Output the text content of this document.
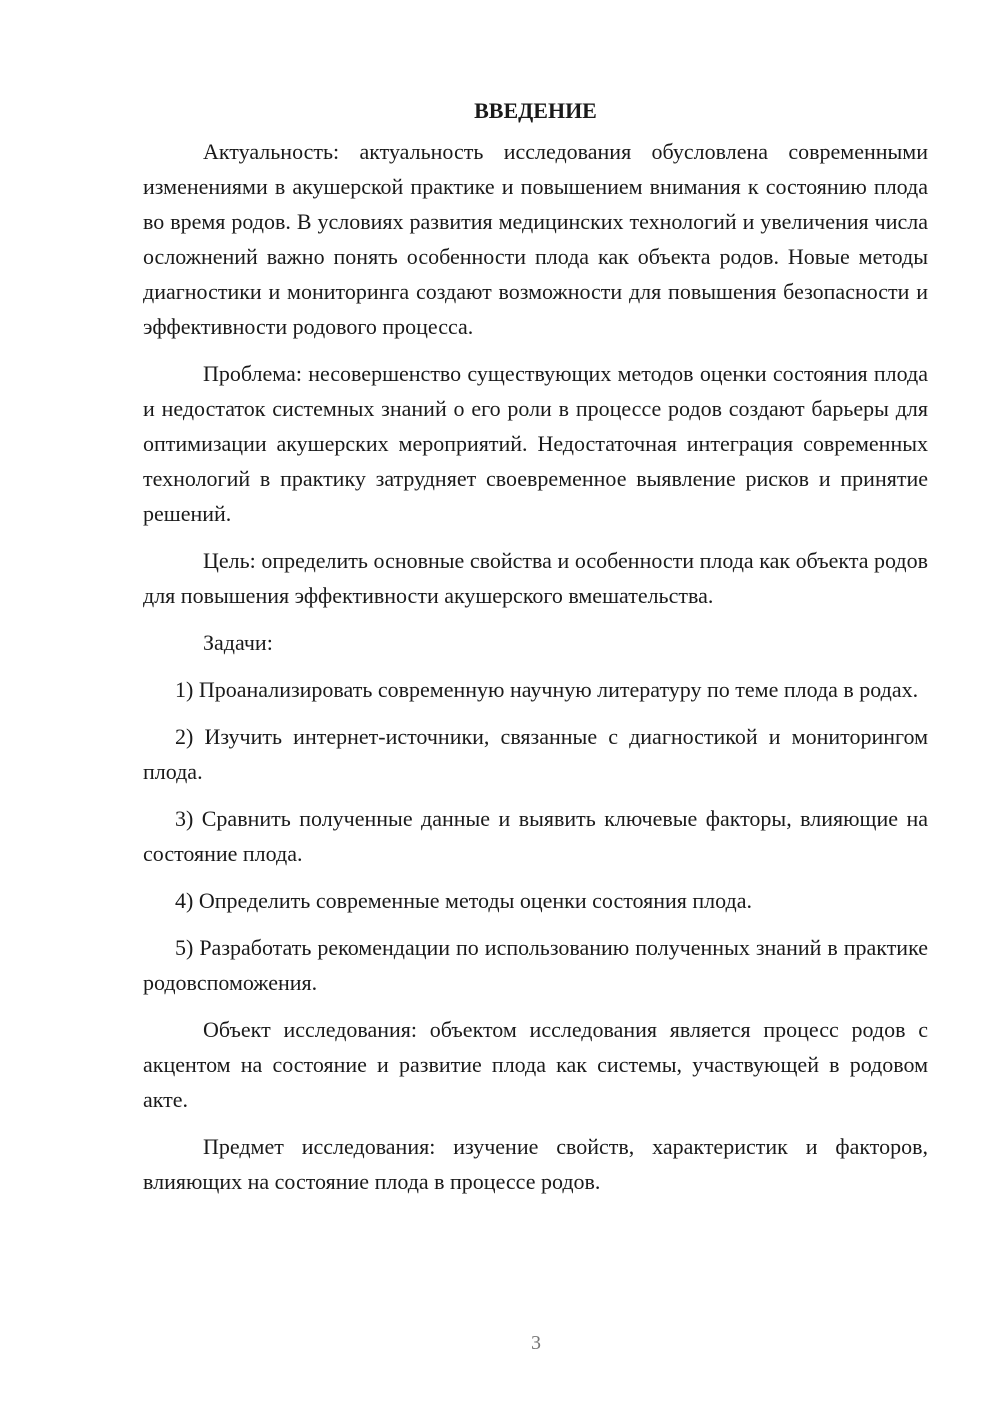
ВВЕДЕНИЕ

Актуальность: актуальность исследования обусловлена современными изменениями в акушерской практике и повышением внимания к состоянию плода во время родов. В условиях развития медицинских технологий и увеличения числа осложнений важно понять особенности плода как объекта родов. Новые методы диагностики и мониторинга создают возможности для повышения безопасности и эффективности родового процесса.

Проблема: несовершенство существующих методов оценки состояния плода и недостаток системных знаний о его роли в процессе родов создают барьеры для оптимизации акушерских мероприятий. Недостаточная интеграция современных технологий в практику затрудняет своевременное выявление рисков и принятие решений.

Цель: определить основные свойства и особенности плода как объекта родов для повышения эффективности акушерского вмешательства.

Задачи:

1) Проанализировать современную научную литературу по теме плода в родах.

2) Изучить интернет-источники, связанные с диагностикой и мониторингом плода.

3) Сравнить полученные данные и выявить ключевые факторы, влияющие на состояние плода.

4) Определить современные методы оценки состояния плода.

5) Разработать рекомендации по использованию полученных знаний в практике родовспоможения.

Объект исследования: объектом исследования является процесс родов с акцентом на состояние и развитие плода как системы, участвующей в родовом акте.

Предмет исследования: изучение свойств, характеристик и факторов, влияющих на состояние плода в процессе родов.

3
